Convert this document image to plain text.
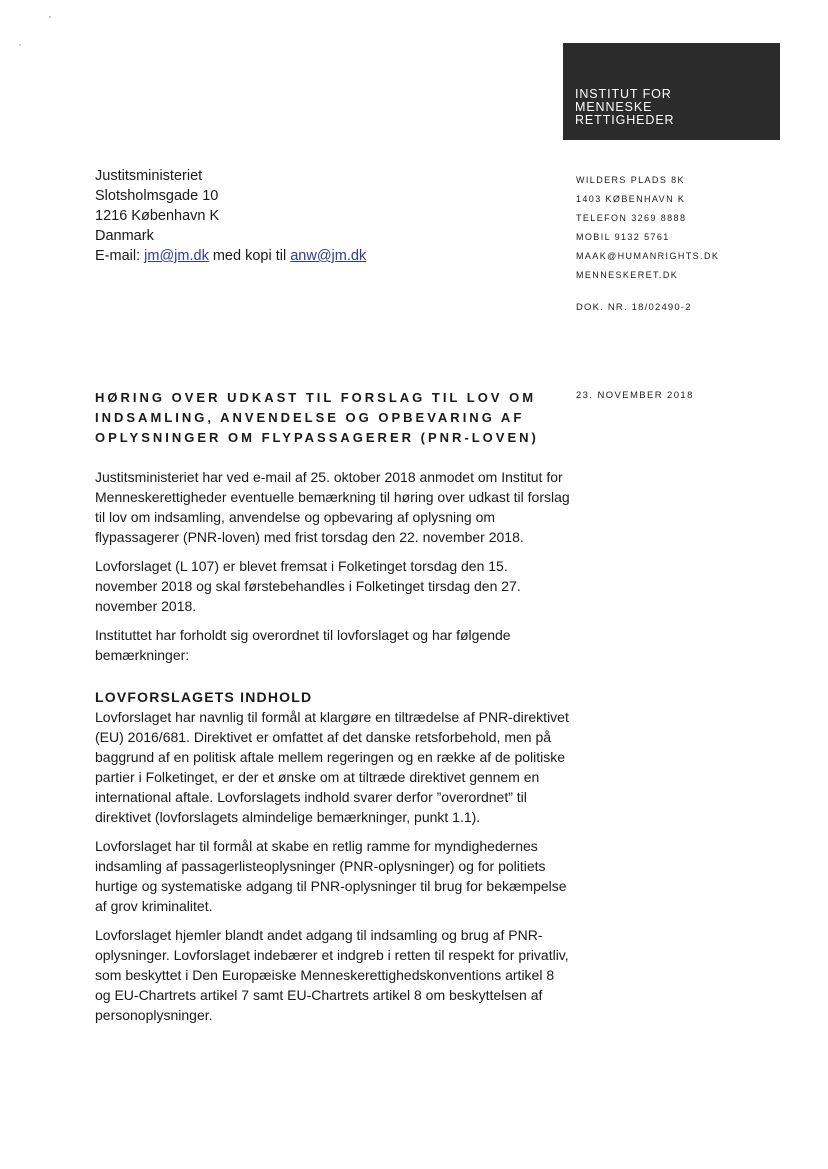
INSTITUT FOR
MENNESKE
RETTIGHEDER
Justitsministeriet
Slotsholmsgade 10
1216 København K
Danmark
E-mail: jm@jm.dk med kopi til anw@jm.dk
WILDERS PLADS 8K
1403 KØBENHAVN K
TELEFON 3269 8888
MOBIL 9132 5761
MAAK@HUMANRIGHTS.DK
MENNESKERET.DK
DOK. NR. 18/02490-2
23. NOVEMBER 2018
HØRING OVER UDKAST TIL FORSLAG TIL LOV OM
INDSAMLING, ANVENDELSE OG OPBEVARING AF
OPLYSNINGER OM FLYPASSAGERER (PNR-LOVEN)

Justitsministeriet har ved e-mail af 25. oktober 2018 anmodet om Institut for Menneskerettigheder eventuelle bemærkning til høring over udkast til forslag til lov om indsamling, anvendelse og opbevaring af oplysning om flypassagerer (PNR-loven) med frist torsdag den 22. november 2018.

Lovforslaget (L 107) er blevet fremsat i Folketinget torsdag den 15. november 2018 og skal førstebehandles i Folketinget tirsdag den 27. november 2018.

Instituttet har forholdt sig overordnet til lovforslaget og har følgende bemærkninger:

LOVFORSLAGETS INDHOLD

Lovforslaget har navnlig til formål at klargøre en tiltrædelse af PNR-direktivet (EU) 2016/681. Direktivet er omfattet af det danske retsforbehold, men på baggrund af en politisk aftale mellem regeringen og en række af de politiske partier i Folketinget, er der et ønske om at tiltræde direktivet gennem en international aftale. Lovforslagets indhold svarer derfor ”overordnet” til direktivet (lovforslagets almindelige bemærkninger, punkt 1.1).

Lovforslaget har til formål at skabe en retlig ramme for myndighedernes indsamling af passagerlisteoplysninger (PNR-oplysninger) og for politiets hurtige og systematiske adgang til PNR-oplysninger til brug for bekæmpelse af grov kriminalitet.

Lovforslaget hjemler blandt andet adgang til indsamling og brug af PNR-oplysninger. Lovforslaget indebærer et indgreb i retten til respekt for privatliv, som beskyttet i Den Europæiske Menneskerettighedskonventions artikel 8 og EU-Chartrets artikel 7 samt EU-Chartrets artikel 8 om beskyttelsen af personoplysninger.
